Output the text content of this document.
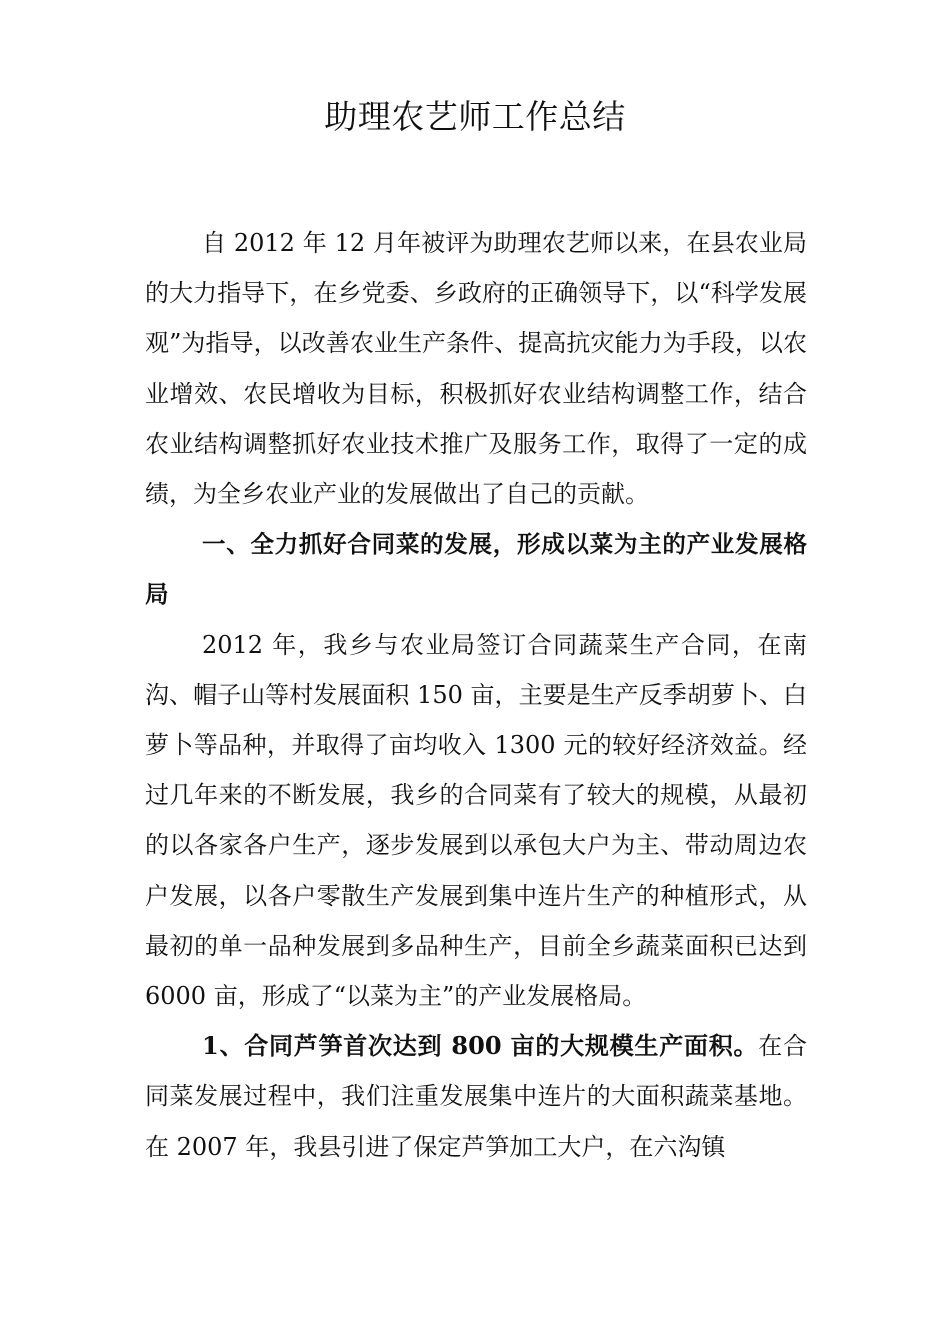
助理农艺师工作总结

自 2012 年 12 月年被评为助理农艺师以来，在县农业局的大力指导下，在乡党委、乡政府的正确领导下，以“科学发展观”为指导，以改善农业生产条件、提高抗灾能力为手段，以农业增效、农民增收为目标，积极抓好农业结构调整工作，结合农业结构调整抓好农业技术推广及服务工作，取得了一定的成绩，为全乡农业产业的发展做出了自己的贡献。

一、全力抓好合同菜的发展，形成以菜为主的产业发展格局

2012 年，我乡与农业局签订合同蔬菜生产合同，在南沟、帽子山等村发展面积 150 亩，主要是生产反季胡萝卜、白萝卜等品种，并取得了亩均收入 1300 元的较好经济效益。经过几年来的不断发展，我乡的合同菜有了较大的规模，从最初的以各家各户生产，逐步发展到以承包大户为主、带动周边农户发展，以各户零散生产发展到集中连片生产的种植形式，从最初的单一品种发展到多品种生产，目前全乡蔬菜面积已达到 6000 亩，形成了“以菜为主”的产业发展格局。

1、合同芦笋首次达到 800 亩的大规模生产面积。在合同菜发展过程中，我们注重发展集中连片的大面积蔬菜基地。在 2007 年，我县引进了保定芦笋加工大户，在六沟镇
